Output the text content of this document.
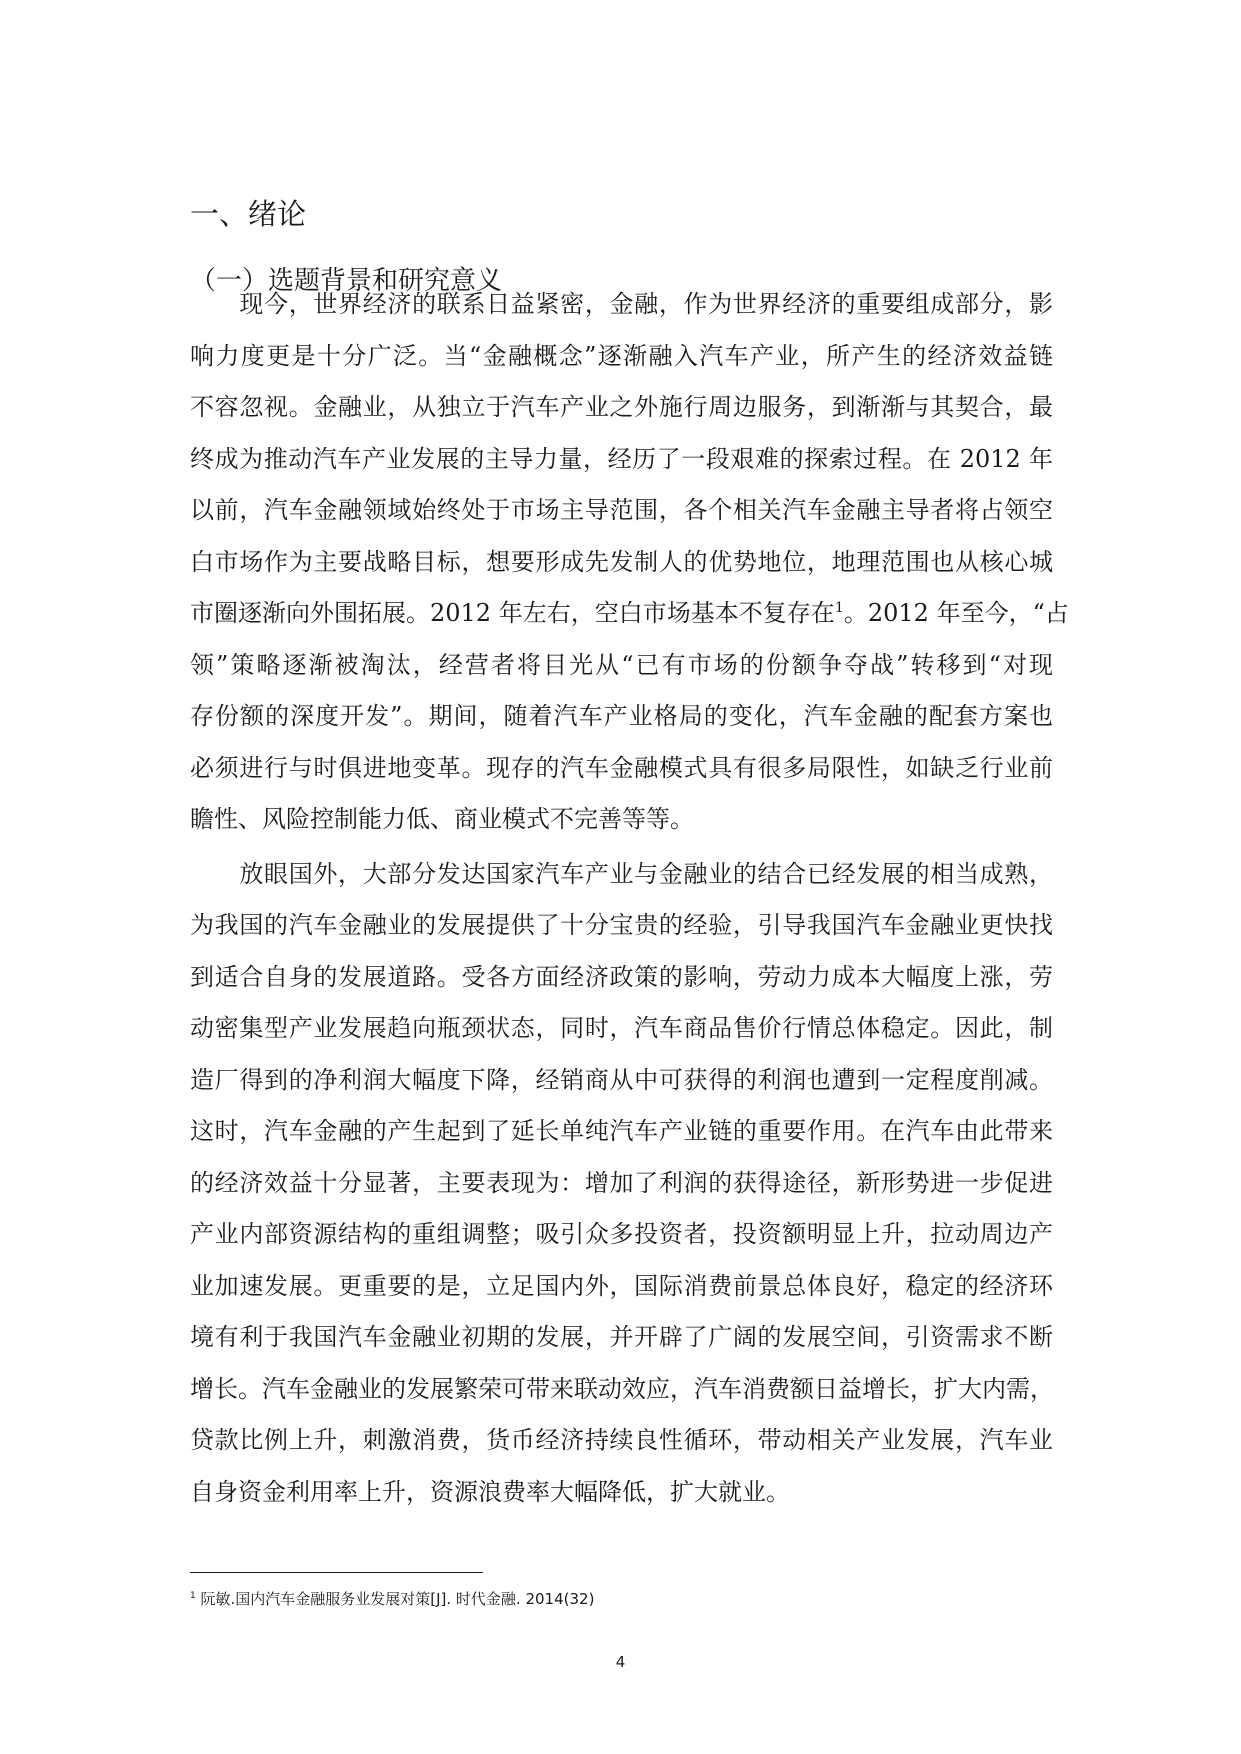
一、绪论
（一）选题背景和研究意义
　　现今，世界经济的联系日益紧密，金融，作为世界经济的重要组成部分，影
响力度更是十分广泛。当“金融概念”逐渐融入汽车产业，所产生的经济效益链
不容忽视。金融业，从独立于汽车产业之外施行周边服务，到渐渐与其契合，最
终成为推动汽车产业发展的主导力量，经历了一段艰难的探索过程。在 2012 年
以前，汽车金融领域始终处于市场主导范围，各个相关汽车金融主导者将占领空
白市场作为主要战略目标，想要形成先发制人的优势地位，地理范围也从核心城
市圈逐渐向外围拓展。2012 年左右，空白市场基本不复存在$^1$。2012 年至今，“占
领”策略逐渐被淘汰，经营者将目光从“已有市场的份额争夺战”转移到“对现
存份额的深度开发”。期间，随着汽车产业格局的变化，汽车金融的配套方案也
必须进行与时俱进地变革。现存的汽车金融模式具有很多局限性，如缺乏行业前
瞻性、风险控制能力低、商业模式不完善等等。
　　放眼国外，大部分发达国家汽车产业与金融业的结合已经发展的相当成熟，
为我国的汽车金融业的发展提供了十分宝贵的经验，引导我国汽车金融业更快找
到适合自身的发展道路。受各方面经济政策的影响，劳动力成本大幅度上涨，劳
动密集型产业发展趋向瓶颈状态，同时，汽车商品售价行情总体稳定。因此，制
造厂得到的净利润大幅度下降，经销商从中可获得的利润也遭到一定程度削减。
这时，汽车金融的产生起到了延长单纯汽车产业链的重要作用。在汽车由此带来
的经济效益十分显著，主要表现为：增加了利润的获得途径，新形势进一步促进
产业内部资源结构的重组调整；吸引众多投资者，投资额明显上升，拉动周边产
业加速发展。更重要的是，立足国内外，国际消费前景总体良好，稳定的经济环
境有利于我国汽车金融业初期的发展，并开辟了广阔的发展空间，引资需求不断
增长。汽车金融业的发展繁荣可带来联动效应，汽车消费额日益增长，扩大内需，
贷款比例上升，刺激消费，货币经济持续良性循环，带动相关产业发展，汽车业
自身资金利用率上升，资源浪费率大幅降低，扩大就业。
$^1$ 阮敏.国内汽车金融服务业发展对策[J]. 时代金融. 2014(32)
4
